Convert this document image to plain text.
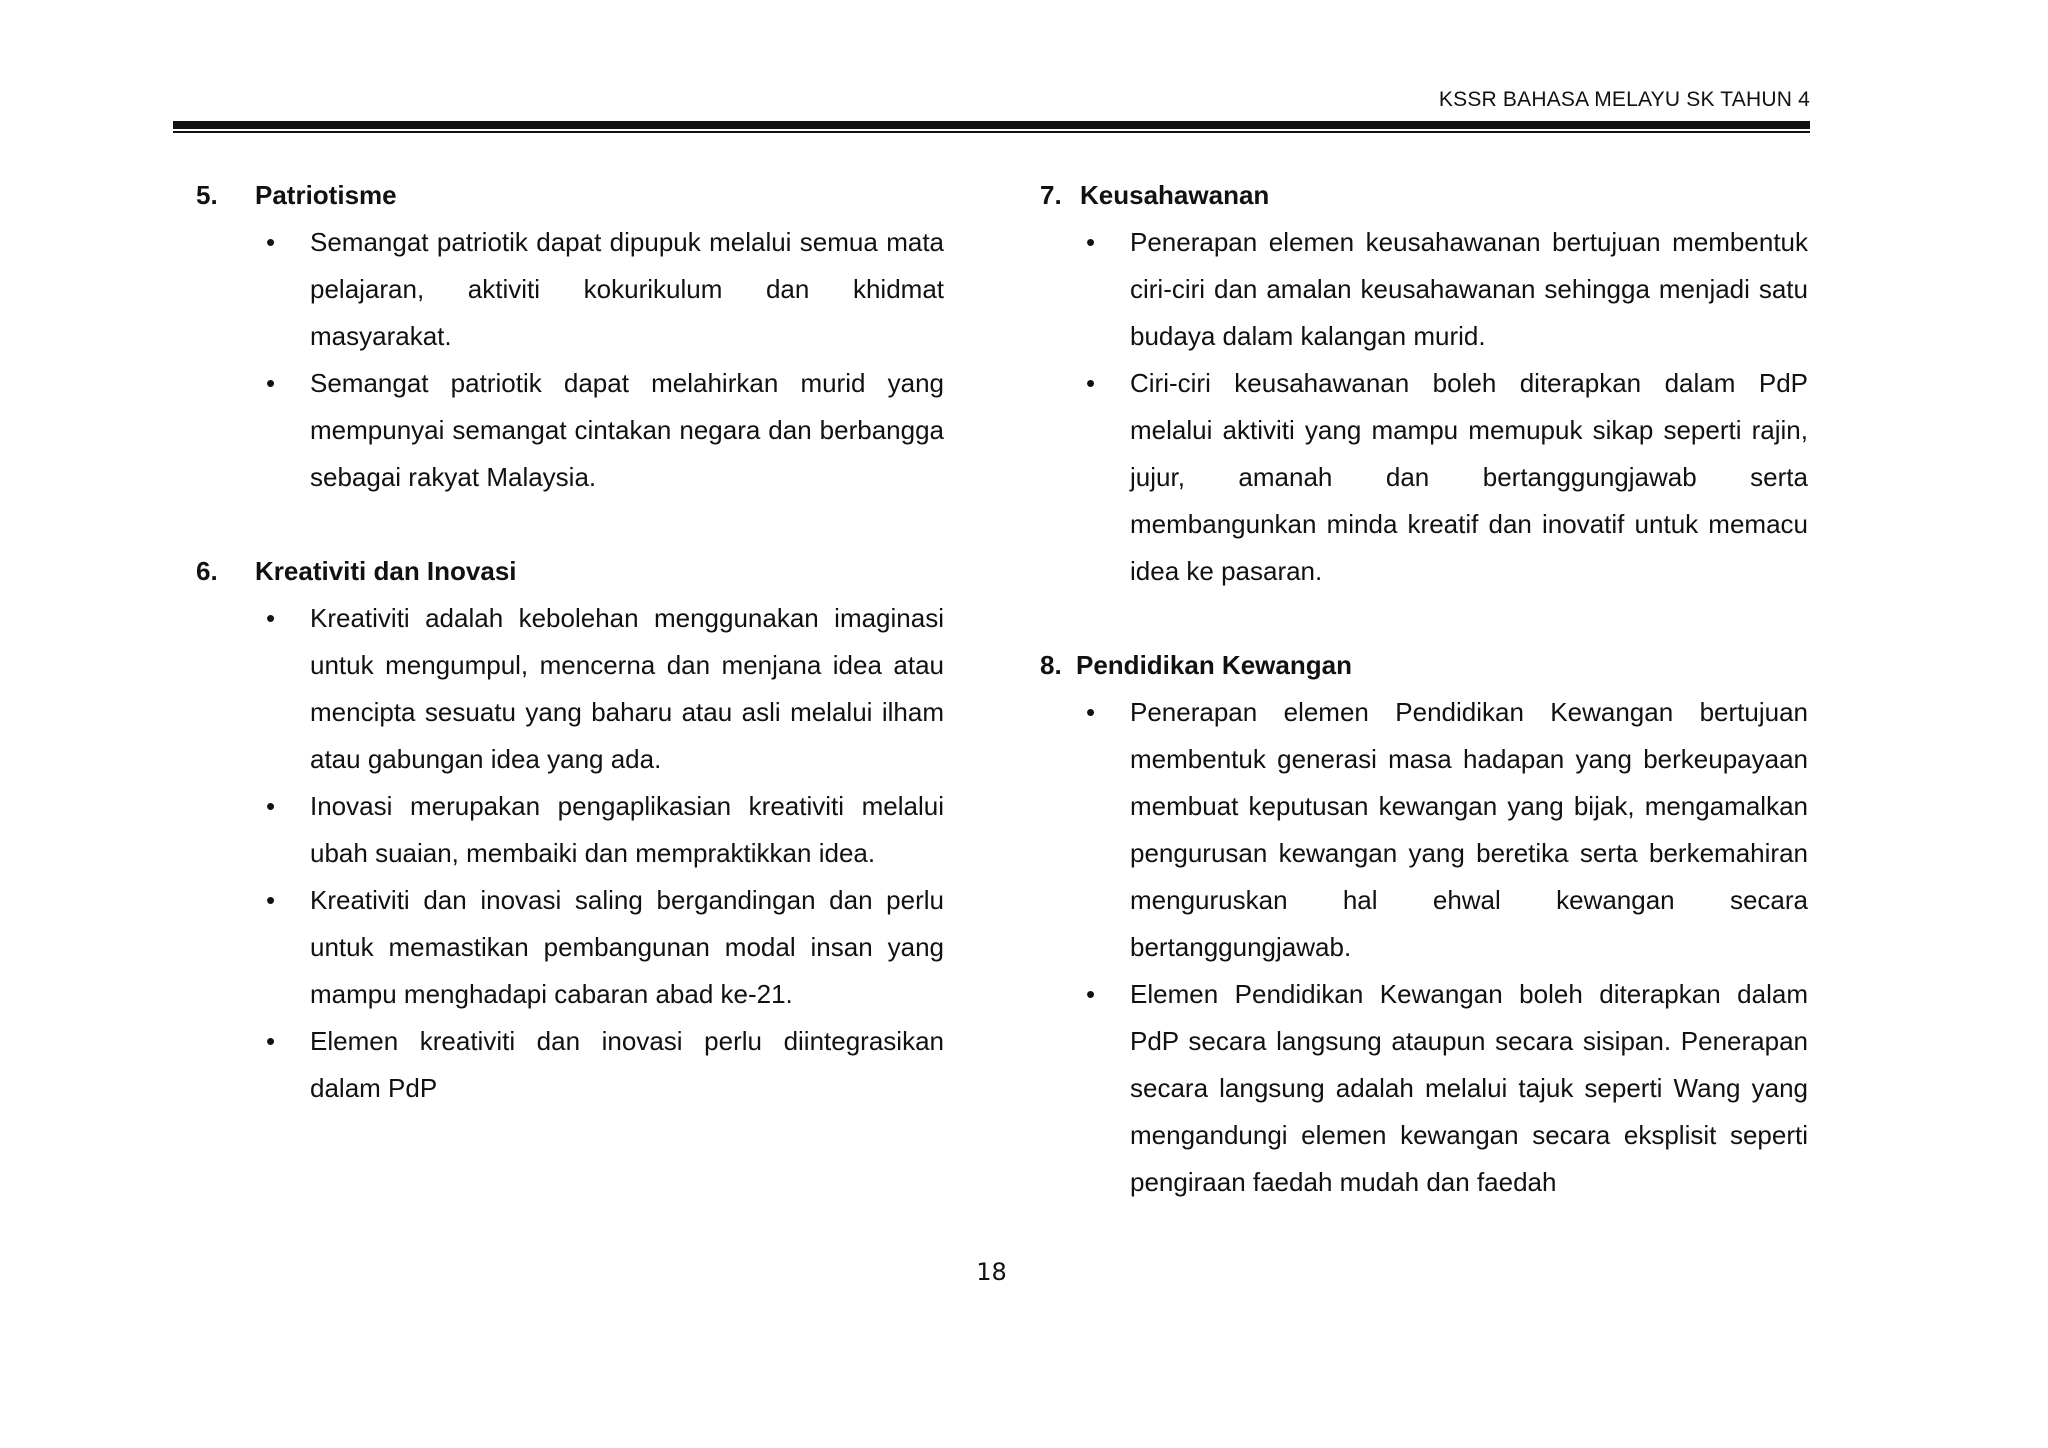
KSSR BAHASA MELAYU SK TAHUN 4
5.	Patriotisme
• Semangat patriotik dapat dipupuk melalui semua mata pelajaran, aktiviti kokurikulum dan khidmat masyarakat.
• Semangat patriotik dapat melahirkan murid yang mempunyai semangat cintakan negara dan berbangga sebagai rakyat Malaysia.
6.	Kreativiti dan Inovasi
• Kreativiti adalah kebolehan menggunakan imaginasi untuk mengumpul, mencerna dan menjana idea atau mencipta sesuatu yang baharu atau asli melalui ilham atau gabungan idea yang ada.
• Inovasi merupakan pengaplikasian kreativiti melalui ubah suaian, membaiki dan mempraktikkan idea.
• Kreativiti dan inovasi saling bergandingan dan perlu untuk memastikan pembangunan modal insan yang mampu menghadapi cabaran abad ke-21.
• Elemen kreativiti dan inovasi perlu diintegrasikan dalam PdP
7. Keusahawanan
• Penerapan elemen keusahawanan bertujuan membentuk ciri-ciri dan amalan keusahawanan sehingga menjadi satu budaya dalam kalangan murid.
• Ciri-ciri keusahawanan boleh diterapkan dalam PdP melalui aktiviti yang mampu memupuk sikap seperti rajin, jujur, amanah dan bertanggungjawab serta membangunkan minda kreatif dan inovatif untuk memacu idea ke pasaran.
8. Pendidikan Kewangan
• Penerapan elemen Pendidikan Kewangan bertujuan membentuk generasi masa hadapan yang berkeupayaan membuat keputusan kewangan yang bijak, mengamalkan pengurusan kewangan yang beretika serta berkemahiran menguruskan hal ehwal kewangan secara bertanggungjawab.
• Elemen Pendidikan Kewangan boleh diterapkan dalam PdP secara langsung ataupun secara sisipan. Penerapan secara langsung adalah melalui tajuk seperti Wang yang mengandungi elemen kewangan secara eksplisit seperti pengiraan faedah mudah dan faedah
18
